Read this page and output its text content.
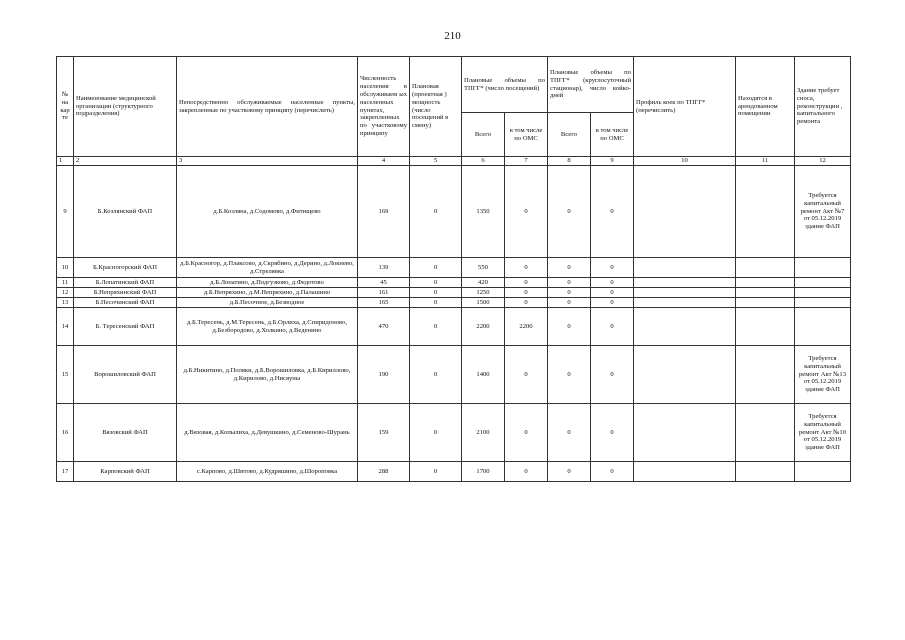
210
№ на кар те	Наименование медицинской организации (структурного подразделения)	Непосредственно обслуживаемые населенные пункты, закрепленные по участковому принципу (перечислить)	Численность населения в обслуживаем ых населенных пунктах, закрепленных по участковому принципу	Плановая (проектная ) мощность (число посещений в смену)	Плановые объемы по ТПГГ* (число посещений)		Плановые объемы по ТПГГ* (круглосуточный стационар), число койко-дней		Профиль коек по ТПГГ* (перечислить)	Находятся в арендованном помещении	Здание требует сноса, реконструкции , капитального ремонта
					Всего	в том числе по ОМС	Всего	в том числе по ОМС			
1	2	3	4	5	6	7	8	9	10	11	12
9	Б.Козлянский ФАП	д.Б.Козляна, д.Содомово, д.Фитищево	169	0	1350	0	0	0			Требуется капитальный ремонт Акт №7 от 05.12.2019 здание ФАП
10	Б.Красногорский ФАП	д.Б.Красногор, д.Плаксово, д.Скрябино, д.Дерино, д.Локнево, д.Стрелявка	139	0	550	0	0	0			
11	Б.Лопатинский ФАП	д.Б.Лопатино, д.Подгузково, д.Федотово	45	0	420	0	0	0			
12	Б.Непряхинский ФАП	д.Б.Непряхино, д.М.Непряхино, д.Палашино	161	0	1250	0	0	0			
13	Б.Песочинский ФАП	д.Б.Песочное, д.Безводное	165	0	1500	0	0	0			
14	Б. Тересенский ФАП	д.Б.Тересень, д.М.Тересень, д.Б.Орлиха, д.Спиридоново, д.Безбородово, д.Холкино, д.Веденино	470	0	2200	2200	0	0			
15	Ворошиловский ФАП	д.Б.Никитино, д.Поляки, д.Б.Ворошиловка, д.Б.Кириллово, д.Кирилово, д.Нисяуны	190	0	1400	0	0	0			Требуется капитальный ремонт Акт №13 от 05.12.2019 здание ФАП
16	Вязовский ФАП	д.Вязовая, д.Копылиха, д.Девушкино, д.Семеново-Шурань	159	0	2100	0	0	0			Требуется капитальный ремонт Акт №10 от 05.12.2019 здание ФАП
17	Карповский ФАП	с.Карпово, д.Шитово, д.Кудряшино, д.Шороповка	288	0	1700	0	0	0			
